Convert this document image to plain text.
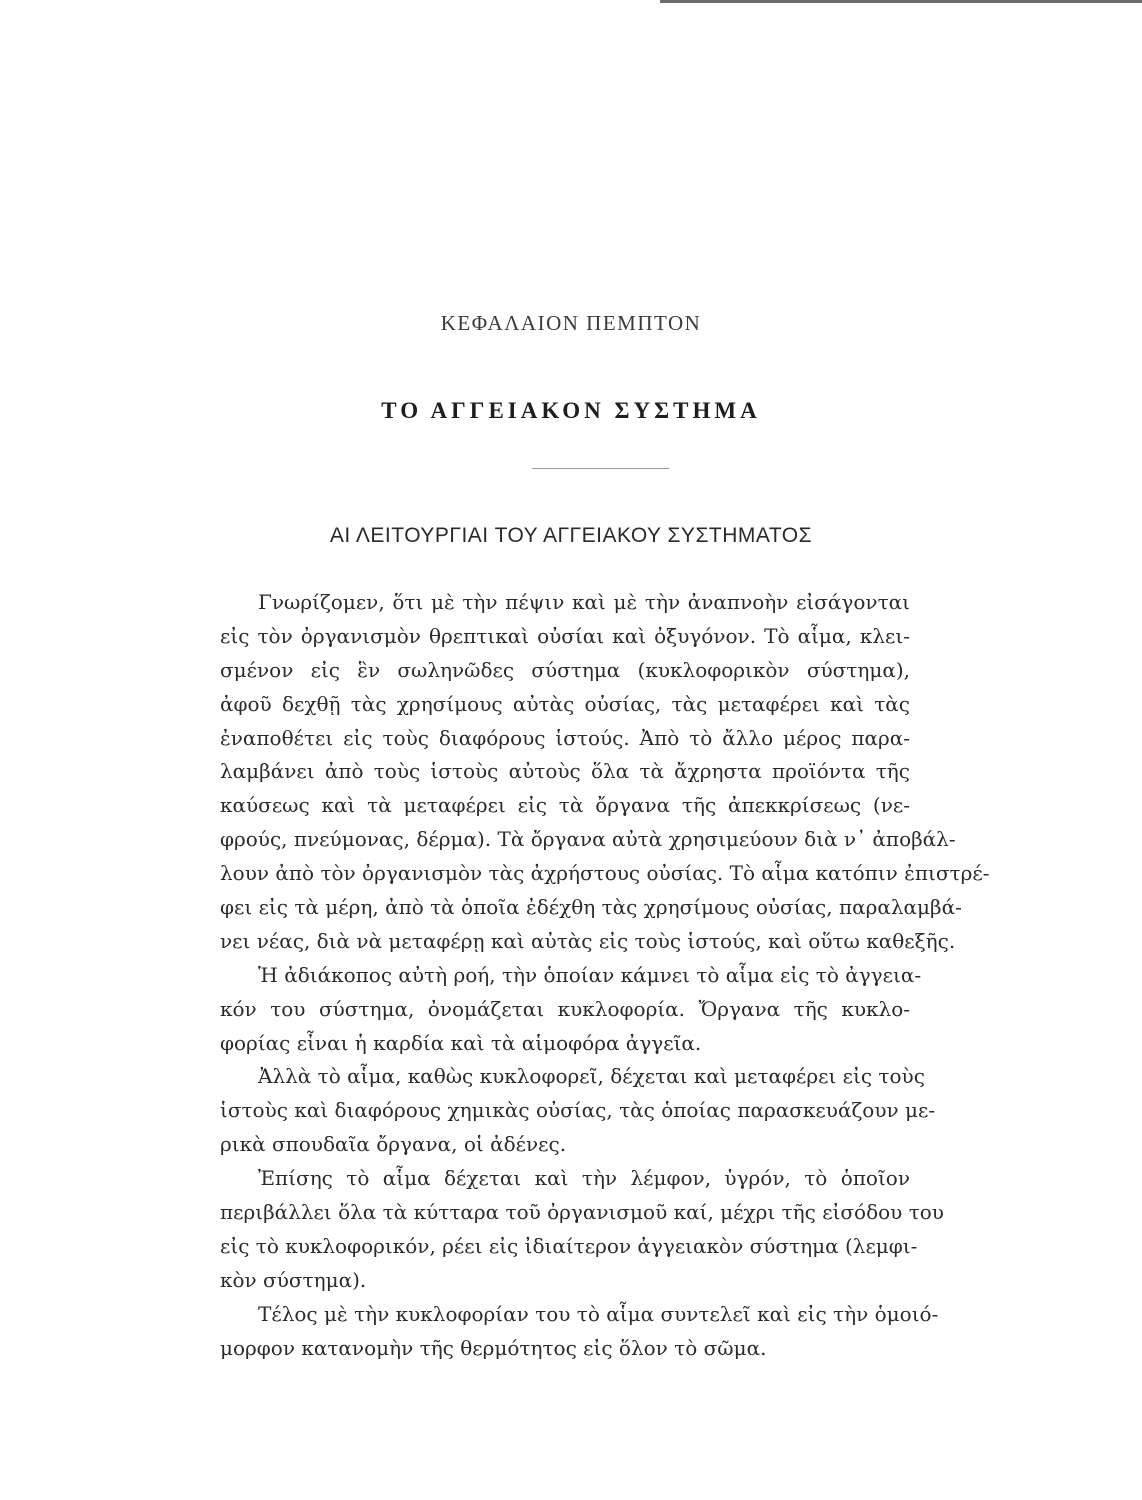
ΚΕΦΑΛΑΙΟΝ ΠΕΜΠΤΟΝ
ΤΟ ΑΓΓΕΙΑΚΟΝ ΣΥΣΤΗΜΑ
ΑΙ ΛΕΙΤΟΥΡΓΙΑΙ ΤΟΥ ΑΓΓΕΙΑΚΟΥ ΣΥΣΤΗΜΑΤΟΣ
Γνωρίζομεν, ὅτι μὲ τὴν πέψιν καὶ μὲ τὴν ἀναπνοὴν εἰσάγονται
εἰς τὸν ὀργανισμὸν θρεπτικαὶ οὐσίαι καὶ ὀξυγόνον. Τὸ αἷμα, κλει-
σμένον εἰς ἓν σωληνῶδες σύστημα (κυκλοφορικὸν σύστημα),
ἀφοῦ δεχθῇ τὰς χρησίμους αὐτὰς οὐσίας, τὰς μεταφέρει καὶ τὰς
ἐναποθέτει εἰς τοὺς διαφόρους ἱστούς. Ἀπὸ τὸ ἄλλο μέρος παρα-
λαμβάνει ἀπὸ τοὺς ἱστοὺς αὐτοὺς ὅλα τὰ ἄχρηστα προϊόντα τῆς
καύσεως καὶ τὰ μεταφέρει εἰς τὰ ὄργανα τῆς ἀπεκκρίσεως (νε-
φρούς, πνεύμονας, δέρμα). Τὰ ὄργανα αὐτὰ χρησιμεύουν διὰ ν᾿ ἀποβάλ-
λουν ἀπὸ τὸν ὀργανισμὸν τὰς ἀχρήστους οὐσίας. Τὸ αἷμα κατόπιν ἐπιστρέ-
φει εἰς τὰ μέρη, ἀπὸ τὰ ὁποῖα ἐδέχθη τὰς χρησίμους οὐσίας, παραλαμβά-
νει νέας, διὰ νὰ μεταφέρῃ καὶ αὐτὰς εἰς τοὺς ἱστούς, καὶ οὕτω καθεξῆς.
Ἡ ἀδιάκοπος αὐτὴ ροή, τὴν ὁποίαν κάμνει τὸ αἷμα εἰς τὸ ἀγγεια-
κόν του σύστημα, ὀνομάζεται κυκλοφορία. Ὄργανα τῆς κυκλο-
φορίας εἶναι ἡ καρδία καὶ τὰ αἱμοφόρα ἀγγεῖα.
Ἀλλὰ τὸ αἷμα, καθὼς κυκλοφορεῖ, δέχεται καὶ μεταφέρει εἰς τοὺς
ἱστοὺς καὶ διαφόρους χημικὰς οὐσίας, τὰς ὁποίας παρασκευάζουν με-
ρικὰ σπουδαῖα ὄργανα, οἱ ἀδένες.
Ἐπίσης τὸ αἷμα δέχεται καὶ τὴν λέμφον, ὑγρόν, τὸ ὁποῖον
περιβάλλει ὅλα τὰ κύτταρα τοῦ ὀργανισμοῦ καί, μέχρι τῆς εἰσόδου του
εἰς τὸ κυκλοφορικόν, ρέει εἰς ἰδιαίτερον ἀγγειακὸν σύστημα (λεμφι-
κὸν σύστημα).
Τέλος μὲ τὴν κυκλοφορίαν του τὸ αἷμα συντελεῖ καὶ εἰς τὴν ὁμοιό-
μορφον κατανομὴν τῆς θερμότητος εἰς ὅλον τὸ σῶμα.
